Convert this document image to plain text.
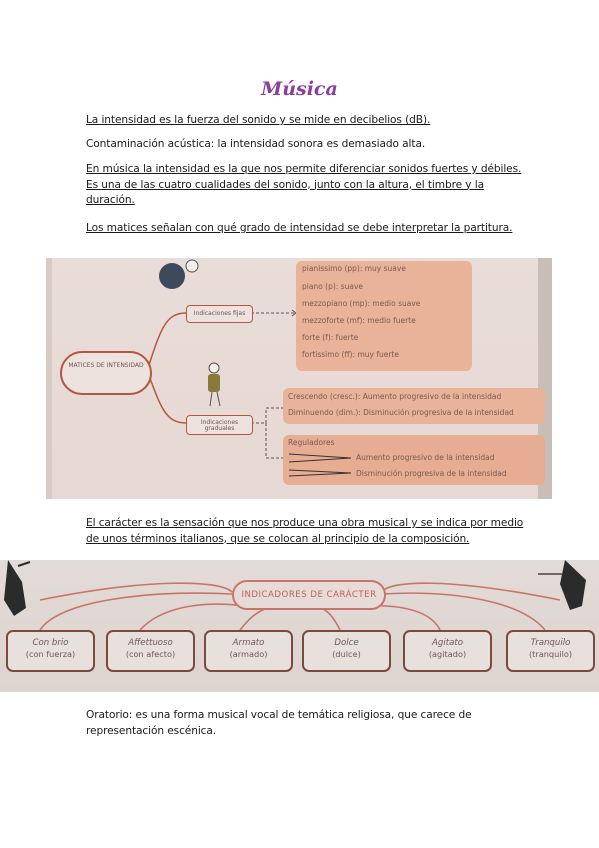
Música
La intensidad es la fuerza del sonido y se mide en decibelios (dB).
Contaminación acústica: la intensidad sonora es demasiado alta.
En música la intensidad es la que nos permite diferenciar sonidos fuertes y débiles. Es una de las cuatro cualidades del sonido, junto con la altura, el timbre y la duración.
Los matices señalan con qué grado de intensidad se debe interpretar la partitura.
MATICES DE INTENSIDAD
Indicaciones fijas
Indicaciones graduales
pianissimo (pp): muy suave
piano (p): suave
mezzopiano (mp): medio suave
mezzoforte (mf): medio fuerte
forte (f): fuerte
fortissimo (ff): muy fuerte
Crescendo (cresc.): Aumento progresivo de la intensidad
Diminuendo (dim.): Disminución progresiva de la intensidad
Reguladores
Aumento progresivo de la intensidad
Disminución progresiva de la intensidad
El carácter es la sensación que nos produce una obra musical y se indica por medio de unos términos italianos, que se colocan al principio de la composición.
INDICADORES DE CARÁCTER
Con brio
(con fuerza)
Affettuoso
(con afecto)
Armato
(armado)
Dolce
(dulce)
Agitato
(agitado)
Tranquilo
(tranquilo)
Oratorio: es una forma musical vocal de temática religiosa, que carece de representación escénica.
